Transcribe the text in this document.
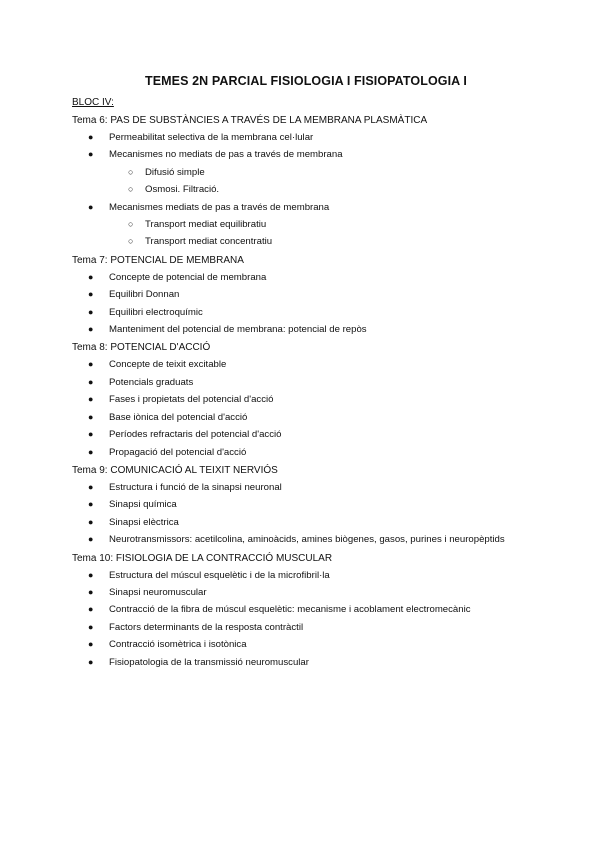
TEMES 2N PARCIAL FISIOLOGIA I FISIOPATOLOGIA I
BLOC IV:
Tema 6: PAS DE SUBSTÀNCIES A TRAVÉS DE LA MEMBRANA PLASMÀTICA
● Permeabilitat selectiva de la membrana cel·lular
● Mecanismes no mediats de pas a través de membrana
○ Difusió simple
○ Osmosi. Filtració.
● Mecanismes mediats de pas a través de membrana
○ Transport mediat equilibratiu
○ Transport mediat concentratiu
Tema 7: POTENCIAL DE MEMBRANA
● Concepte de potencial de membrana
● Equilibri Donnan
● Equilibri electroquímic
● Manteniment del potencial de membrana: potencial de repòs
Tema 8: POTENCIAL D'ACCIÓ
● Concepte de teixit excitable
● Potencials graduats
● Fases i propietats del potencial d'acció
● Base iònica del potencial d'acció
● Períodes refractaris del potencial d'acció
● Propagació del potencial d'acció
Tema 9: COMUNICACIÓ AL TEIXIT NERVIÓS
● Estructura i funció de la sinapsi neuronal
● Sinapsi química
● Sinapsi elèctrica
● Neurotransmissors: acetilcolina, aminoàcids, amines biògenes, gasos, purines i neuropèptids
Tema 10: FISIOLOGIA DE LA CONTRACCIÓ MUSCULAR
● Estructura del múscul esquelètic i de la microfibril·la
● Sinapsi neuromuscular
● Contracció de la fibra de múscul esquelètic: mecanisme i acoblament electromecànic
● Factors determinants de la resposta contràctil
● Contracció isomètrica i isotònica
● Fisiopatologia de la transmissió neuromuscular
